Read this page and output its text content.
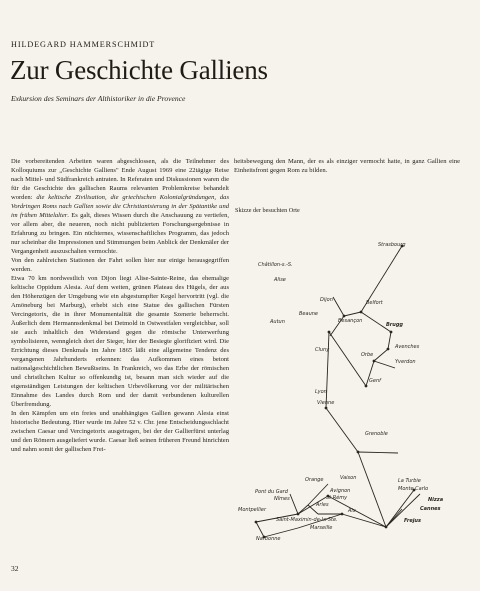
HILDEGARD HAMMERSCHMIDT
Zur Geschichte Galliens
Exkursion des Seminars der Althistoriker in die Provence

Die vorbereitenden Arbeiten waren abgeschlossen, als die Teilnehmer des Kolloquiums zur „Geschichte Galliens" Ende August 1969 eine 22tägige Reise nach Mittel- und Südfrankreich antraten. In Referaten und Diskussionen waren die für die Geschichte des gallischen Raums relevanten Problemkreise behandelt worden: die keltische Zivilisation, die griechischen Kolonialgründungen, das Vordringen Roms nach Gallien sowie die Christianisierung in der Spätantike und im frühen Mittelalter. Es galt, dieses Wissen durch die Anschauung zu vertiefen, vor allem aber, die neueren, noch nicht publizierten Forschungsergebnisse in Erfahrung zu bringen. Ein nüchternes, wissenschaftliches Programm, das jedoch nur scheinbar die Impressionen und Stimmungen beim Anblick der Denkmäler der Vergangenheit auszuschalten vermochte.

Von den zahlreichen Stationen der Fahrt sollen hier nur einige herausgegriffen werden.

Etwa 70 km nordwestlich von Dijon liegt Alise-Sainte-Reine, das ehemalige keltische Oppidum Alesia. Auf dem weiten, grünen Plateau des Hügels, der aus den Höhenzügen der Umgebung wie ein abgestumpfter Kegel hervortritt (vgl. die Amöneburg bei Marburg), erhebt sich eine Statue des gallischen Fürsten Vercingetorix, die in ihrer Monumentalität die gesamte Szenerie beherrscht. Äußerlich dem Hermannsdenkmal bei Detmold in Ostwestfalen vergleichbar, soll sie auch inhaltlich den Widerstand gegen die römische Unterwerfung symbolisieren, wenngleich dort der Sieger, hier der Besiegte glorifiziert wird. Die Errichtung dieses Denkmals im Jahre 1865 läßt eine allgemeine Tendenz des vergangenen Jahrhunderts erkennen: das Aufkommen eines betont nationalgeschichtlichen Bewußtseins. In Frankreich, wo das Erbe der römischen und christlichen Kultur so offenkundig ist, besann man sich wieder auf die eigenständigen Leistungen der keltischen Urbevölkerung vor der militärischen Einnahme des Landes durch Rom und der damit verbundenen kulturellen Überfremdung.

In den Kämpfen um ein freies und unabhängiges Gallien gewann Alesia einst historische Bedeutung. Hier wurde im Jahre 52 v. Chr. jene Entscheidungsschlacht zwischen Caesar und Vercingetorix ausgetragen, bei der der Gallierfürst unterlag und den Römern ausgeliefert wurde. Caesar ließ seinen früheren Freund hinrichten und nahm somit der gallischen Frei-

heitsbewegung den Mann, der es als einziger vermocht hatte, in ganz Gallien eine Einheitsfront gegen Rom zu bilden.

Skizze der besuchten Orte
Strasbourg
Châtillon-s.-S.
Alise
Belfort
Dijon
Besançon
Brugg
Autun
Beaune
Avenches
Orbe
Yverdon
Cluny
Genf
Lyon
Vienne
Grenoble
Orange	Vaison
Pont du Gard
Nîmes
Avignon
St Rémy
Arles
Aix
Montpellier
Saint-Maximin-de-la-Ste.
Marseille
Narbonne
La Turbie
Monte Carlo
Nizza
Cannes
Frejus
32
